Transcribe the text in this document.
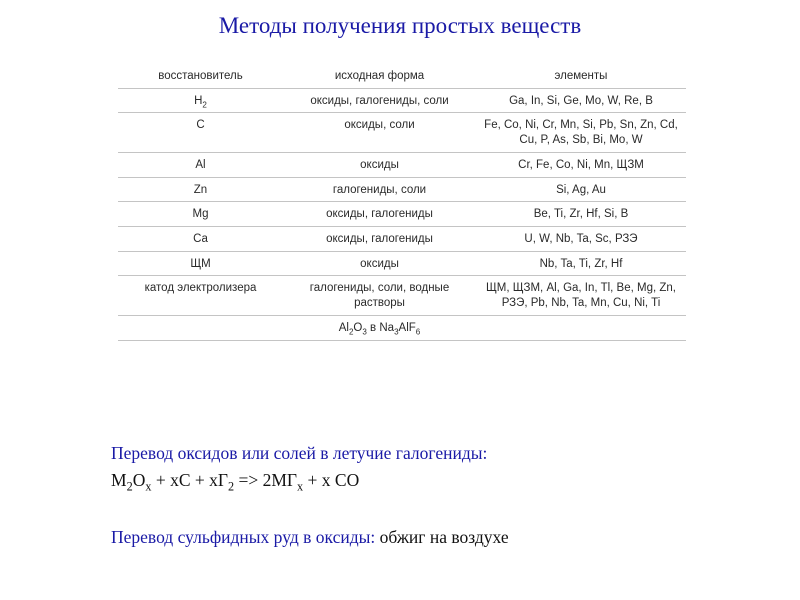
Методы получения простых веществ
восстановитель	исходная форма	элементы
$H_2$	оксиды, галогениды, соли	Ga, In, Si, Ge, Mo, W, Re, B
C	оксиды, соли	Fe, Co, Ni, Cr, Mn, Si, Pb, Sn, Zn, Cd, Cu, P, As, Sb, Bi, Mo, W
Al	оксиды	Cr, Fe, Co, Ni, Mn, ЩЗМ
Zn	галогениды, соли	Si, Ag, Au
Mg	оксиды, галогениды	Be, Ti, Zr, Hf, Si, B
Ca	оксиды, галогениды	U, W, Nb, Ta, Sc, РЗЭ
ЩМ	оксиды	Nb, Ta, Ti, Zr, Hf
катод электролизера	галогениды, соли, водные растворы	ЩМ, ЩЗМ, Al, Ga, In, Tl, Be, Mg, Zn, РЗЭ, Pb, Nb, Ta, Mn, Cu, Ni, Ti
	$Al_2O_3$ в $Na_3AlF_6$	
Перевод оксидов или солей в летучие галогениды:
$M_2O_x$ + xC + $xГ_2 => 2МГ_x + x$ CO
Перевод сульфидных руд в оксиды: обжиг на воздухе
